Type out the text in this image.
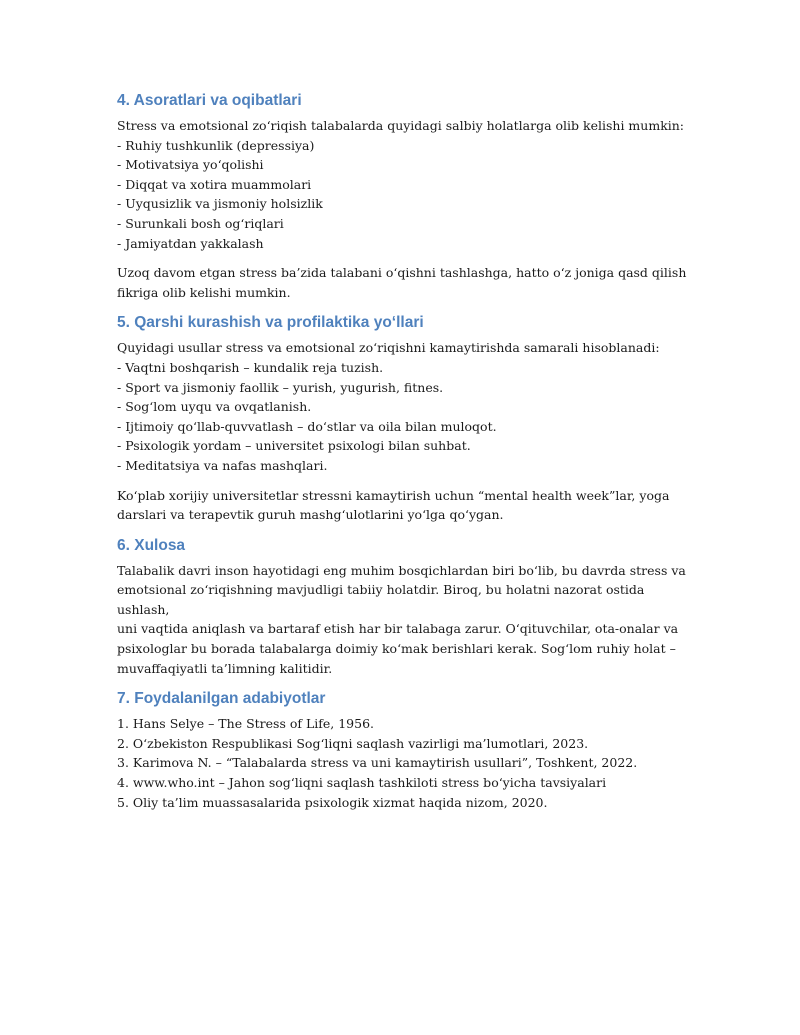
4. Asoratlari va oqibatlari

Stress va emotsional zo‘riqish talabalarda quyidagi salbiy holatlarga olib kelishi mumkin:

- Ruhiy tushkunlik (depressiya)
- Motivatsiya yo‘qolishi
- Diqqat va xotira muammolari
- Uyqusizlik va jismoniy holsizlik
- Surunkali bosh og‘riqlari
- Jamiyatdan yakkalash

Uzoq davom etgan stress ba’zida talabani o‘qishni tashlashga, hatto o‘z joniga qasd qilish
fikriga olib kelishi mumkin.

5. Qarshi kurashish va profilaktika yo‘llari

Quyidagi usullar stress va emotsional zo‘riqishni kamaytirishda samarali hisoblanadi:

- Vaqtni boshqarish – kundalik reja tuzish.
- Sport va jismoniy faollik – yurish, yugurish, fitnes.
- Sog‘lom uyqu va ovqatlanish.
- Ijtimoiy qo‘llab-quvvatlash – do‘stlar va oila bilan muloqot.
- Psixologik yordam – universitet psixologi bilan suhbat.
- Meditatsiya va nafas mashqlari.

Ko‘plab xorijiy universitetlar stressni kamaytirish uchun “mental health week”lar, yoga
darslari va terapevtik guruh mashg‘ulotlarini yo‘lga qo‘ygan.

6. Xulosa

Talabalik davri inson hayotidagi eng muhim bosqichlardan biri bo‘lib, bu davrda stress va
emotsional zo‘riqishning mavjudligi tabiiy holatdir. Biroq, bu holatni nazorat ostida ushlash,
uni vaqtida aniqlash va bartaraf etish har bir talabaga zarur. O‘qituvchilar, ota-onalar va
psixologlar bu borada talabalarga doimiy ko‘mak berishlari kerak. Sog‘lom ruhiy holat –
muvaffaqiyatli ta’limning kalitidir.

7. Foydalanilgan adabiyotlar
1. Hans Selye – The Stress of Life, 1956.
2. O‘zbekiston Respublikasi Sog‘liqni saqlash vazirligi ma’lumotlari, 2023.
3. Karimova N. – “Talabalarda stress va uni kamaytirish usullari”, Toshkent, 2022.
4. www.who.int – Jahon sog‘liqni saqlash tashkiloti stress bo‘yicha tavsiyalari
5. Oliy ta’lim muassasalarida psixologik xizmat haqida nizom, 2020.
